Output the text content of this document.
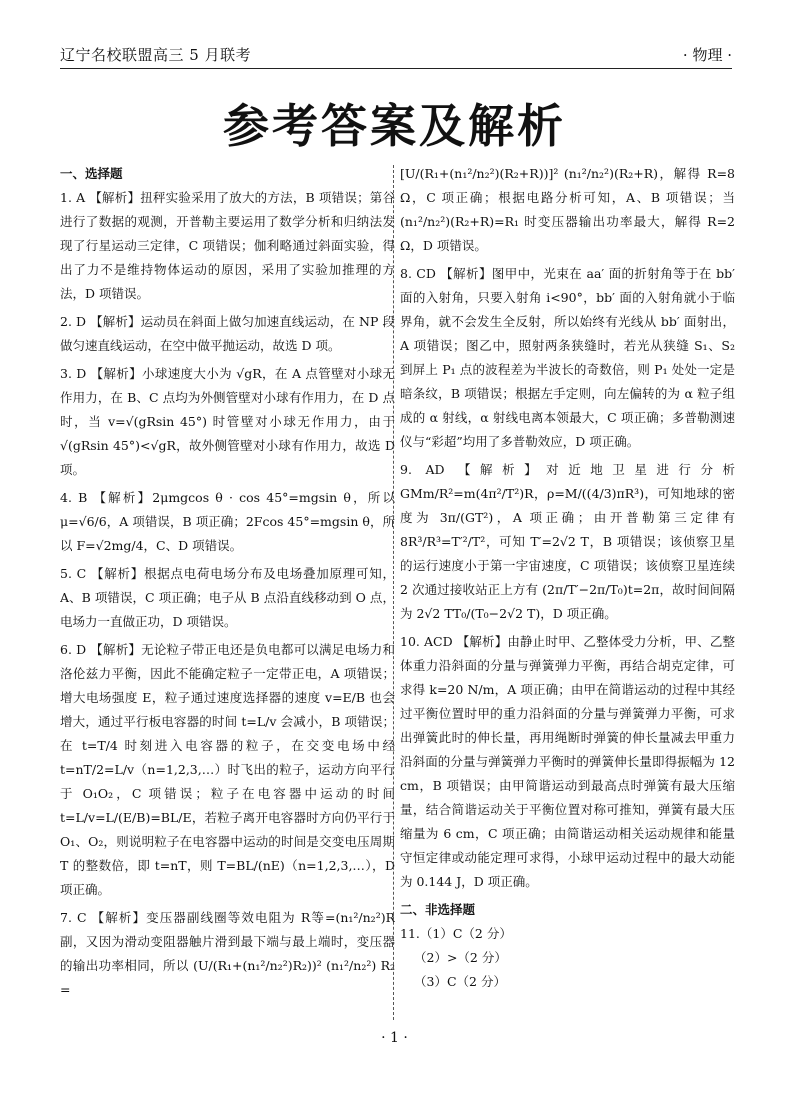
辽宁名校联盟高三 5 月联考	· 物理 ·
参考答案及解析

一、选择题

1. A 【解析】扭秤实验采用了放大的方法，B 项错误；第谷进行了数据的观测，开普勒主要运用了数学分析和归纳法发现了行星运动三定律，C 项错误；伽利略通过斜面实验，得出了力不是维持物体运动的原因，采用了实验加推理的方法，D 项错误。

2. D 【解析】运动员在斜面上做匀加速直线运动，在 NP 段做匀速直线运动，在空中做平抛运动，故选 D 项。

3. D 【解析】小球速度大小为 √gR，在 A 点管壁对小球无作用力，在 B、C 点均为外侧管壁对小球有作用力，在 D 点时，当 v=√(gRsin 45°) 时管壁对小球无作用力，由于 √(gRsin 45°)<√gR，故外侧管壁对小球有作用力，故选 D 项。

4. B 【解析】2μmgcos θ · cos 45°=mgsin θ，所以 μ=√6/6，A 项错误，B 项正确；2Fcos 45°=mgsin θ，所以 F=√2mg/4，C、D 项错误。

5. C 【解析】根据点电荷电场分布及电场叠加原理可知，A、B 项错误，C 项正确；电子从 B 点沿直线移动到 O 点，电场力一直做正功，D 项错误。

6. D 【解析】无论粒子带正电还是负电都可以满足电场力和洛伦兹力平衡，因此不能确定粒子一定带正电，A 项错误；增大电场强度 E，粒子通过速度选择器的速度 v=E/B 也会增大，通过平行板电容器的时间 t=L/v 会减小，B 项错误；在 t=T/4 时刻进入电容器的粒子，在交变电场中经 t=nT/2=L/v（n=1,2,3,…）时飞出的粒子，运动方向平行于 O₁O₂，C 项错误；粒子在电容器中运动的时间 t=L/v=L/(E/B)=BL/E，若粒子离开电容器时方向仍平行于 O₁、O₂，则说明粒子在电容器中运动的时间是交变电压周期 T 的整数倍，即 t=nT，则 T=BL/(nE)（n=1,2,3,…），D 项正确。

7. C 【解析】变压器副线圈等效电阻为 R等=(n₁²/n₂²)R副，又因为滑动变阻器触片滑到最下端与最上端时，变压器的输出功率相同，所以 (U/(R₁+(n₁²/n₂²)R₂))² (n₁²/n₂²) R₂ =

[U/(R₁+(n₁²/n₂²)(R₂+R))]² (n₁²/n₂²)(R₂+R)，解得 R=8 Ω，C 项正确；根据电路分析可知，A、B 项错误；当 (n₁²/n₂²)(R₂+R)=R₁ 时变压器输出功率最大，解得 R=2 Ω，D 项错误。

8. CD 【解析】图甲中，光束在 aa′ 面的折射角等于在 bb′ 面的入射角，只要入射角 i<90°，bb′ 面的入射角就小于临界角，就不会发生全反射，所以始终有光线从 bb′ 面射出，A 项错误；图乙中，照射两条狭缝时，若光从狭缝 S₁、S₂ 到屏上 P₁ 点的波程差为半波长的奇数倍，则 P₁ 处处一定是暗条纹，B 项错误；根据左手定则，向左偏转的为 α 粒子组成的 α 射线，α 射线电离本领最大，C 项正确；多普勒测速仪与“彩超”均用了多普勒效应，D 项正确。

9. AD 【解析】对近地卫星进行分析 GMm/R²=m(4π²/T²)R，ρ=M/((4/3)πR³)，可知地球的密度为 3π/(GT²)，A 项正确；由开普勒第三定律有 8R³/R³=T′²/T²，可知 T′=2√2 T，B 项错误；该侦察卫星的运行速度小于第一宇宙速度，C 项错误；该侦察卫星连续 2 次通过接收站正上方有 (2π/T′−2π/T₀)t=2π，故时间间隔为 2√2 TT₀/(T₀−2√2 T)，D 项正确。

10. ACD 【解析】由静止时甲、乙整体受力分析，甲、乙整体重力沿斜面的分量与弹簧弹力平衡，再结合胡克定律，可求得 k=20 N/m，A 项正确；由甲在简谐运动的过程中其经过平衡位置时甲的重力沿斜面的分量与弹簧弹力平衡，可求出弹簧此时的伸长量，再用绳断时弹簧的伸长量减去甲重力沿斜面的分量与弹簧弹力平衡时的弹簧伸长量即得振幅为 12 cm，B 项错误；由甲简谐运动到最高点时弹簧有最大压缩量，结合简谐运动关于平衡位置对称可推知，弹簧有最大压缩量为 6 cm，C 项正确；由简谐运动相关运动规律和能量守恒定律或动能定理可求得，小球甲运动过程中的最大动能为 0.144 J，D 项正确。

二、非选择题

11.（1）C（2 分）

（2）>（2 分）

（3）C（2 分）

· 1 ·
